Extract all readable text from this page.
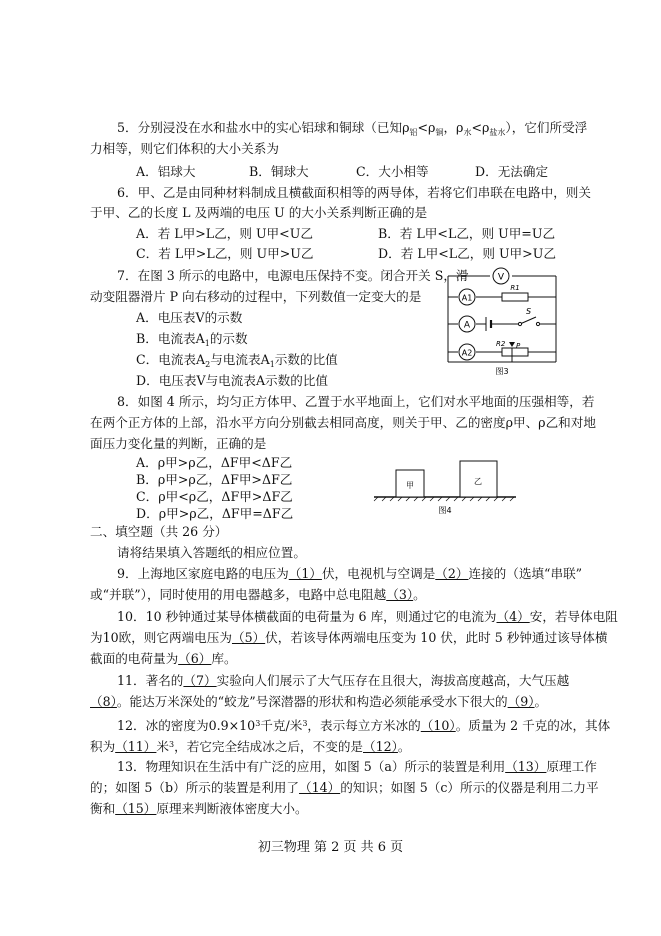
5．分别浸没在水和盐水中的实心铝球和铜球（已知$\rho_铝<\rho_铜$，$\rho_水<\rho_{盐水}$），它们所受浮
力相等，则它们体积的大小关系为
A．铝球大	B．铜球大	C．大小相等	D．无法确定
6．甲、乙是由同种材料制成且横截面积相等的两导体，若将它们串联在电路中，则关
于甲、乙的长度 L 及两端的电压 U 的大小关系判断正确的是
A．若 L甲>L乙，则 U甲<U乙	B．若 L甲<L乙，则 U甲=U乙
C．若 L甲>L乙，则 U甲>U乙	D．若 L甲<L乙，则 U甲>U乙
7．在图 3 所示的电路中，电源电压保持不变。闭合开关 S，滑
动变阻器滑片 P 向右移动的过程中，下列数值一定变大的是
A．电压表V的示数
B．电流表$A_1$的示数
C．电流表$A_2$与电流表$A_1$示数的比值
D．电压表V与电流表A示数的比值
V
A1
A
A2
R1
R2
S
P
图3
8．如图 4 所示，均匀正方体甲、乙置于水平地面上，它们对水平地面的压强相等，若
在两个正方体的上部，沿水平方向分别截去相同高度，则关于甲、乙的密度ρ甲、ρ乙和对地
面压力变化量的判断，正确的是
A．ρ甲>ρ乙，ΔF甲<ΔF乙
B．ρ甲>ρ乙，ΔF甲>ΔF乙
C．ρ甲<ρ乙，ΔF甲>ΔF乙
D．ρ甲>ρ乙，ΔF甲=ΔF乙
甲	乙
图4
二、填空题（共 26 分）
请将结果填入答题纸的相应位置。
9．上海地区家庭电路的电压为（1）伏，电视机与空调是（2）连接的（选填“串联”
或“并联”），同时使用的用电器越多，电路中总电阻越（3）。
10．10 秒钟通过某导体横截面的电荷量为 6 库，则通过它的电流为（4）安，若导体电阻
为10欧，则它两端电压为（5）伏，若该导体两端电压变为 10 伏，此时 5 秒钟通过该导体横
截面的电荷量为（6）库。
11．著名的（7）实验向人们展示了大气压存在且很大，海拔高度越高，大气压越
（8）。能达万米深处的“蛟龙”号深潜器的形状和构造必须能承受水下很大的（9）。
12．冰的密度为$0.9\times 10^3$千克/米$^3$，表示每立方米冰的（10）。质量为 2 千克的冰，其体
积为（11）米$^3$，若它完全结成冰之后，不变的是（12）。
13．物理知识在生活中有广泛的应用，如图 5（a）所示的装置是利用（13）原理工作
的；如图 5（b）所示的装置是利用了（14）的知识；如图 5（c）所示的仪器是利用二力平
衡和（15）原理来判断液体密度大小。
初三物理 第 2 页 共 6 页
